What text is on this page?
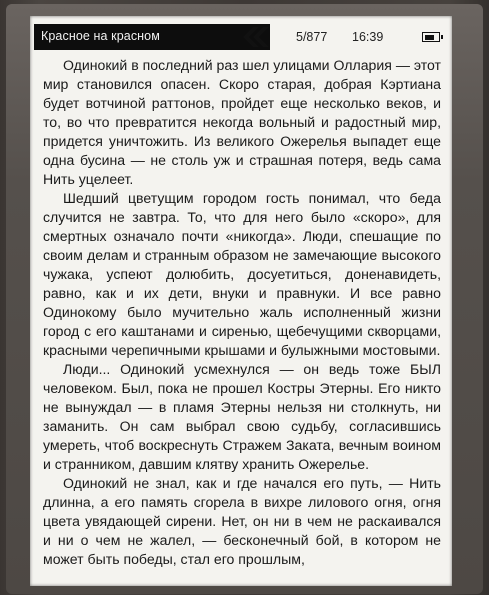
Красное на красном	5/877 16:39

Одинокий в последний раз шел улицами Оллария — этот мир становился опасен. Скоро старая, добрая Кэртиана будет вотчиной раттонов, пройдет еще несколько веков, и то, во что превратится некогда вольный и радостный мир, придется уничтожить. Из великого Ожерелья выпадет еще одна бусина — не столь уж и страшная потеря, ведь сама Нить уцелеет.

Шедший цветущим городом гость понимал, что беда случится не завтра. То, что для него было «скоро», для смертных означало почти «никогда». Люди, спешащие по своим делам и странным образом не замечающие высокого чужака, успеют долюбить, досуетиться, доненавидеть, равно, как и их дети, внуки и правнуки. И все равно Одинокому было мучительно жаль исполненный жизни город с его каштанами и сиренью, щебечущими скворцами, красными черепичными крышами и булыжными мостовыми.

Люди... Одинокий усмехнулся — он ведь тоже БЫЛ человеком. Был, пока не прошел Костры Этерны. Его никто не вынуждал — в пламя Этерны нельзя ни столкнуть, ни заманить. Он сам выбрал свою судьбу, согласившись умереть, чтоб воскреснуть Стражем Заката, вечным воином и странником, давшим клятву хранить Ожерелье.

Одинокий не знал, как и где начался его путь, — Нить длинна, а его память сгорела в вихре лилового огня, огня цвета увядающей сирени. Нет, он ни в чем не раскаивался и ни о чем не жалел, — бесконечный бой, в котором не может быть победы, стал его прошлым,
